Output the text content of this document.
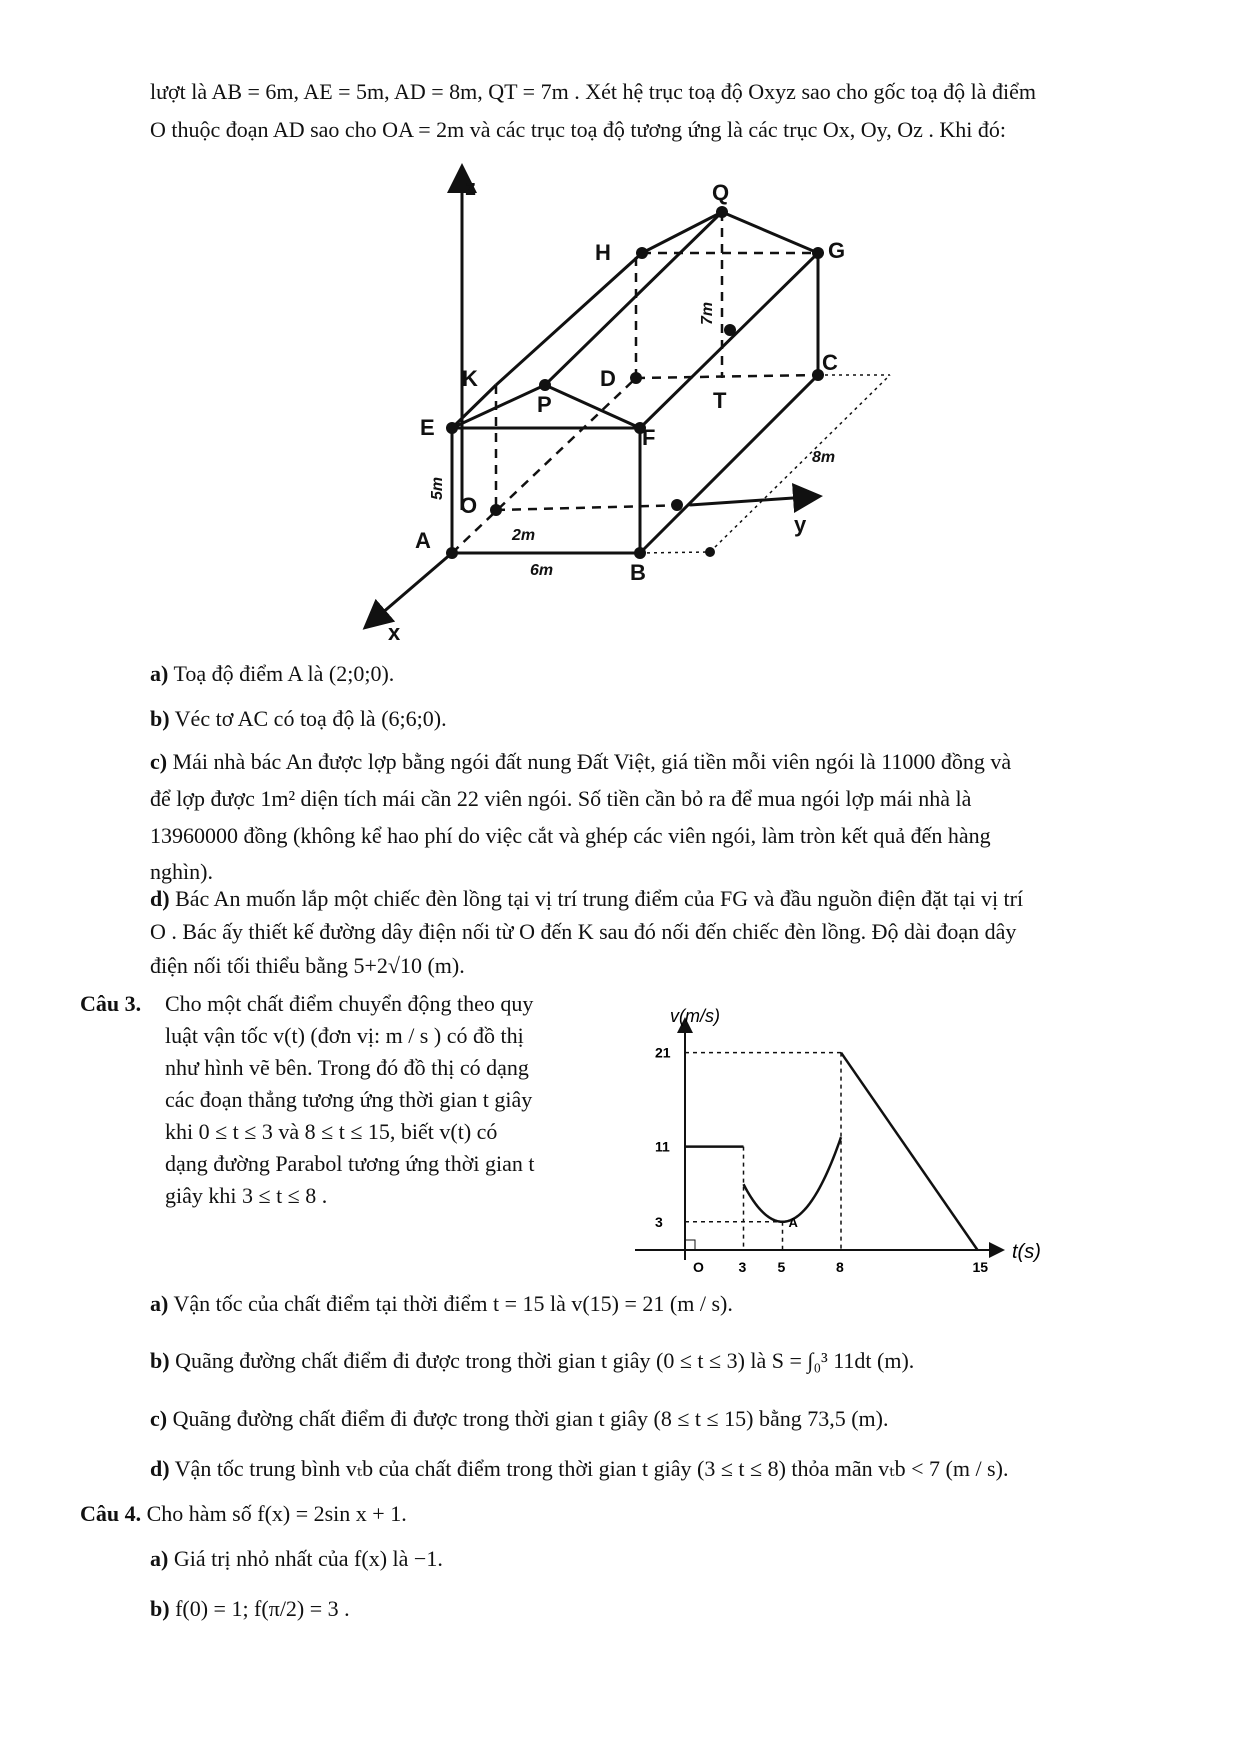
lượt là AB = 6m, AE = 5m, AD = 8m, QT = 7m . Xét hệ trục toạ độ Oxyz sao cho gốc toạ độ là điểm
O thuộc đoạn AD sao cho OA = 2m và các trục toạ độ tương ứng là các trục Ox, Oy, Oz . Khi đó:
z	Q
H	G
K	D
C
T
P
E	F
O
y
A
B
x
7m
8m
5m
2m
6m
a) Toạ độ điểm A là (2;0;0).
b) Véc tơ AC có toạ độ là (6;6;0).
c) Mái nhà bác An được lợp bằng ngói đất nung Đất Việt, giá tiền mỗi viên ngói là 11000 đồng và
để lợp được 1m² diện tích mái cần 22 viên ngói. Số tiền cần bỏ ra để mua ngói lợp mái nhà là
13960000 đồng (không kể hao phí do việc cắt và ghép các viên ngói, làm tròn kết quả đến hàng
nghìn).
d) Bác An muốn lắp một chiếc đèn lồng tại vị trí trung điểm của FG và đầu nguồn điện đặt tại vị trí
O . Bác ấy thiết kế đường dây điện nối từ O đến K sau đó nối đến chiếc đèn lồng. Độ dài đoạn dây
điện nối tối thiểu bằng 5+2√10 (m).
Câu 3. Cho một chất điểm chuyển động theo quy
luật vận tốc v(t) (đơn vị: m / s ) có đồ thị
như hình vẽ bên. Trong đó đồ thị có dạng
các đoạn thẳng tương ứng thời gian t giây
khi 0 ≤ t ≤ 3 và 8 ≤ t ≤ 15, biết v(t) có
dạng đường Parabol tương ứng thời gian t
giây khi 3 ≤ t ≤ 8 .
v(m/s)
t(s)
O 3 5	8	15
3
11
21
A
a) Vận tốc của chất điểm tại thời điểm t = 15 là v(15) = 21 (m / s).
b) Quãng đường chất điểm đi được trong thời gian t giây (0 ≤ t ≤ 3) là S = ∫₀³ 11dt (m).
c) Quãng đường chất điểm đi được trong thời gian t giây (8 ≤ t ≤ 15) bằng 73,5 (m).
d) Vận tốc trung bình vₜb của chất điểm trong thời gian t giây (3 ≤ t ≤ 8) thỏa mãn vₜb < 7 (m / s).
Câu 4. Cho hàm số f(x) = 2sin x + 1.
a) Giá trị nhỏ nhất của f(x) là −1.
b) f(0) = 1; f(π/2) = 3 .
